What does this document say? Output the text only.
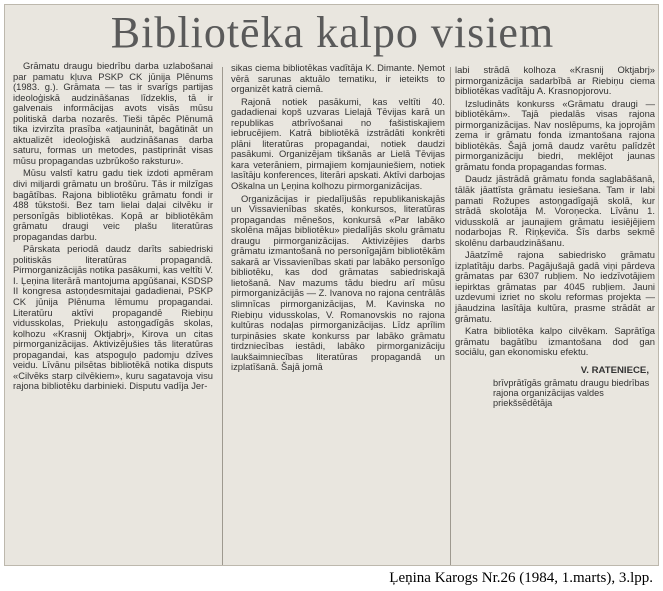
Bibliotēka kalpo visiem

Grāmatu draugu biedrību darba uzlabošanai par pamatu kļuva PSKP CK jūnija Plēnums (1983. g.). Grāmata — tas ir svarīgs partijas ideoloģiskā audzināšanas līdzeklis, tā ir galvenais informācijas avots visās mūsu politiskā darba nozarēs. Tieši tāpēc Plēnumā tika izvirzīta prasība «atjaunināt, bagātināt un aktualizēt ideoloģiskā audzināšanas darba saturu, formas un metodes, pastiprināt visas mūsu propagandas uzbrūkošo raksturu».

Mūsu valstī katru gadu tiek izdoti apmēram divi miljardi grāmatu un brošūru. Tās ir milzīgas bagātības. Rajona bibliotēku grāmatu fondi ir 488 tūkstoši. Bez tam lielai daļai cilvēku ir personīgās bibliotēkas. Kopā ar bibliotēkām grāmatu draugi veic plašu literatūras propagandas darbu.

Pārskata periodā daudz darīts sabiedriski politiskās literatūras propagandā. Pirmorganizācijās notika pasākumi, kas veltīti V. I. Ļeņina literārā mantojuma apgūšanai, KSDSP II kongresa astoņdesmitajai gadadienai, PSKP CK jūnija Plēnuma lēmumu propagandai. Literatūru aktīvi propagandē Riebiņu vidusskolas, Priekuļu astoņgadīgās skolas, kolhozu «Krasnij Oktjabrj», Kirova un citas pirmorganizācijas. Aktivizējušies tās literatūras propagandai, kas atspoguļo padomju dzīves veidu. Līvānu pilsētas bibliotēkā notika disputs «Cilvēks starp cilvēkiem», kuru sagatavoja visu rajona bibliotēku darbinieki. Disputu vadīja Jer-

sikas ciema bibliotēkas vadītāja K. Dimante. Ņemot vērā sarunas aktuālo tematiku, ir ieteikts to organizēt katrā ciemā.

Rajonā notiek pasākumi, kas veltīti 40. gadadienai kopš uzvaras Lielajā Tēvijas karā un republikas atbrīvošanai no fašistiskajiem iebrucējiem. Katrā bibliotēkā izstrādāti konkrēti plāni literatūras propagandai, notiek daudzi pasākumi. Organizējam tikšanās ar Lielā Tēvijas kara veterāniem, pirmajiem komjauniešiem, notiek lasītāju konferences, literāri apskati. Aktīvi darbojas Oškalna un Ļeņina kolhozu pirmorganizācijas.

Organizācijas ir piedalījušās republikaniskajās un Vissavienības skatēs, konkursos, literatūras propagandas mēnešos, konkursā «Par labāko skolēna mājas bibliotēku» piedalījās skolu grāmatu draugu pirmorganizācijas. Aktivizējies darbs grāmatu izmantošanā no personīgajām bibliotēkām sakarā ar Vissavienības skati par labāko personīgo bibliotēku, kas dod grāmatas sabiedriskajā lietošanā. Nav mazums tādu biedru arī mūsu pirmorganizācijās — Z. Ivanova no rajona centrālās slimnīcas pirmorganizācijas, M. Kavinska no Riebiņu vidusskolas, V. Romanovskis no rajona kultūras nodaļas pirmorganizācijas. Līdz aprīlim turpināsies skate konkurss par labāko grāmatu tirdzniecības iestādi, labāko pirmorganizāciju laukšaimniecības literatūras propagandā un izplatīšanā. Šajā jomā

labi strādā kolhoza «Krasnij Oktjabrj» pirmorganizācija sadarbībā ar Riebiņu ciema bibliotēkas vadītāju A. Krasnopjorovu.

Izsludināts konkurss «Grāmatu draugi — bibliotēkām». Tajā piedalās visas rajona pirmorganizācijas. Nav noslēpums, ka joprojām zema ir grāmatu fonda izmantošana rajona bibliotēkās. Šajā jomā daudz varētu palīdzēt pirmorganizāciju biedri, meklējot jaunas grāmatu fonda propagandas formas.

Daudz jāstrādā grāmatu fonda saglabāšanā, tālāk jāattīsta grāmatu iesiešana. Tam ir labi pamati Rožupes astoņgadīgajā skolā, kur strādā skolotāja M. Voroņecka. Līvānu 1. vidusskolā ar jaunajiem grāmatu iesiējējiem nodarbojas R. Riņķeviča. Šīs darbs sekmē skolēnu darbaudzināšanu.

Jāatzīmē rajona sabiedrisko grāmatu izplatītāju darbs. Pagājušajā gadā viņi pārdeva grāmatas par 6307 rubļiem. No iedzīvotājiem iepirktas grāmatas par 4045 rubļiem. Jauni uzdevumi izriet no skolu reformas projekta — jāaudzina lasītāja kultūra, prasme strādāt ar grāmatu.

Katra bibliotēka kalpo cilvēkam. Saprātīga grāmatu bagātību izmantošana dod gan sociālu, gan ekonomisku efektu.

V. RATENIECE,
brīvprātīgās grāmatu draugu biedrības rajona organizācijas valdes priekšsēdētāja
Ļeņina Karogs Nr.26 (1984, 1.marts), 3.lpp.
